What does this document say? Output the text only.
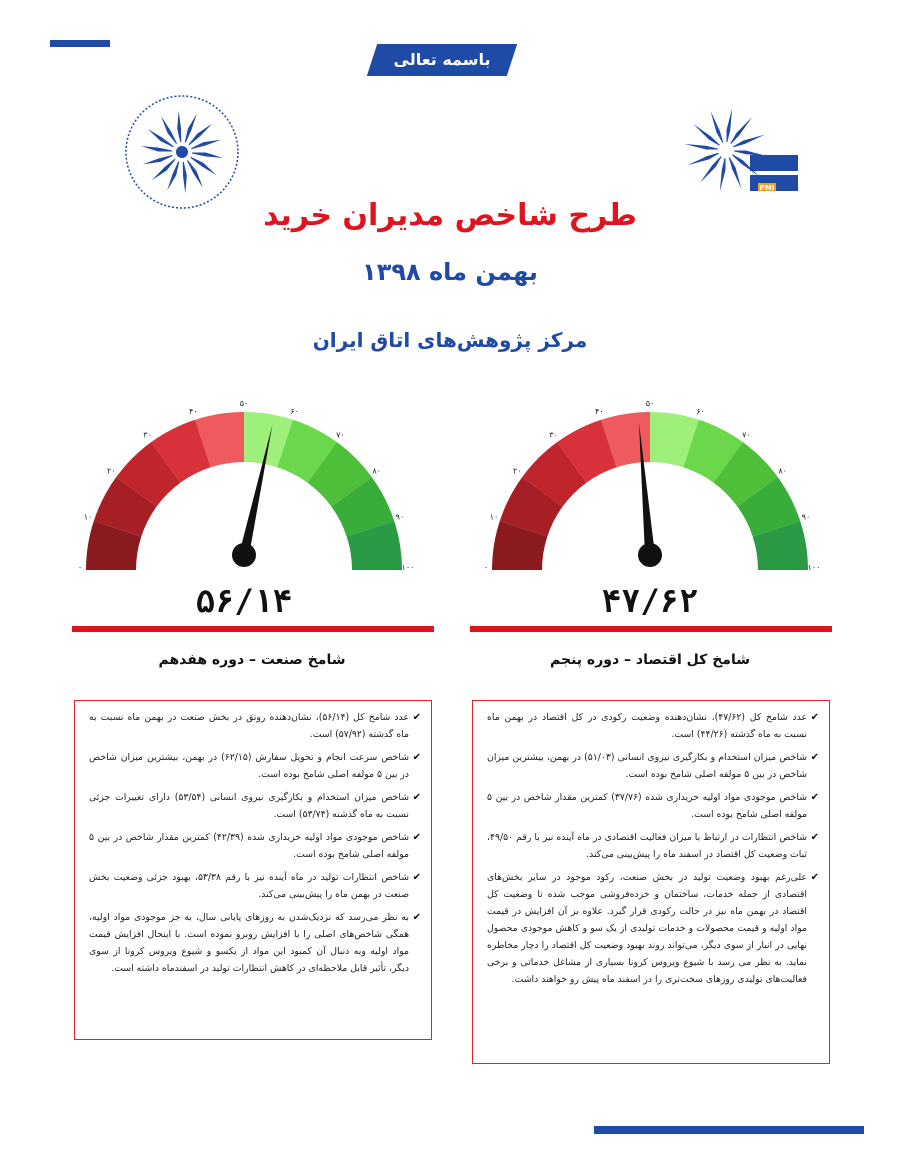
باسمه تعالی
PMI
طرح شاخص مدیران خرید
بهمن ماه ۱۳۹۸
مرکز پژوهش‌های اتاق ایران
۰
۱۰
۲۰
۳۰
۴۰
۵۰
۶۰
۷۰
۸۰
۹۰
۱۰۰	۰
۱۰
۲۰
۳۰
۴۰
۵۰
۶۰
۷۰
۸۰
۹۰
۱۰۰
۵۶/۱۴	۴۷/۶۲
شامخ صنعت – دوره هفدهم	شامخ کل اقتصاد – دوره پنجم
✔
عدد شامخ کل (۵۶/۱۴)، نشان‌دهنده رونق در بخش صنعت در بهمن ماه نسبت به ماه گذشته (۵۷/۹۲) است.
✔
شاخص سرعت انجام و تحویل سفارش (۶۲/۱۵) در بهمن، بیشترین میزان شاخص در بین ۵ مولفه اصلی شامخ بوده است.
✔
شاخص میزان استخدام و بکارگیری نیروی انسانی (۵۳/۵۴) دارای تغییرات جزئی نسبت به ماه گذشته (۵۳/۷۴) است.
✔
شاخص موجودی مواد اولیه خریداری شده (۴۲/۳۹) کمترین مقدار شاخص در بین ۵ مولفه اصلی شامخ بوده است.
✔
شاخص انتظارات تولید در ماه آینده نیز با رقم ۵۳/۳۸، بهبود جزئی وضعیت بخش صنعت در بهمن ماه را پیش‌بینی می‌کند.
✔
به نظر می‌رسد که نزدیک‌شدن به روزهای پایانی سال، به جز موجودی مواد اولیه، همگی شاخص‌های اصلی را با افزایش روبرو نموده است. با اینحال افزایش قیمت مواد اولیه وبه دنبال آن کمبود این مواد از یکسو و شیوع ویروس کرونا از سوی دیگر، تأثیر قابل ملاحظه‌ای در کاهش انتظارات تولید در اسفندماه داشته است.
✔
عدد شامخ کل (۴۷/۶۲)، نشان‌دهنده وضعیت رکودی در کل اقتصاد در بهمن ماه نسبت به ماه گذشته (۴۴/۲۶) است.
✔
شاخص میزان استخدام و بکارگیری نیروی انسانی (۵۱/۰۳) در بهمن، بیشترین میزان شاخص در بین ۵ مولفه اصلی شامخ بوده است.
✔
شاخص موجودی مواد اولیه خریداری شده (۳۷/۷۶) کمترین مقدار شاخص در بین ۵ مولفه اصلی شامخ بوده است.
✔
شاخص انتظارات در ارتباط با میزان فعالیت اقتصادی در ماه آینده نیز با رقم ۴۹/۵۰، ثبات وضعیت کل اقتصاد در اسفند ماه را پیش‌بینی می‌کند.
✔
علی‌رغم بهبود وضعیت تولید در بخش صنعت، رکود موجود در سایر بخش‌های اقتصادی از جمله خدمات، ساختمان و خرده‌فروشی موجب شده تا وضعیت کل اقتصاد در بهمن ماه نیز در حالت رکودی قرار گیرد. علاوه بر آن افزایش در قیمت مواد اولیه و قیمت محصولات و خدمات تولیدی از یک سو و کاهش موجودی محصول نهایی در انبار از سوی دیگر، می‌تواند روند بهبود وضعیت کل اقتصاد را دچار مخاطره نماید. به نظر می رسد با شیوع ویروس کرونا بسیاری از مشاغل خدماتی و برخی فعالیت‌های تولیدی روزهای سخت‌تری را در اسفند ماه پیش رو خواهند داشت.
